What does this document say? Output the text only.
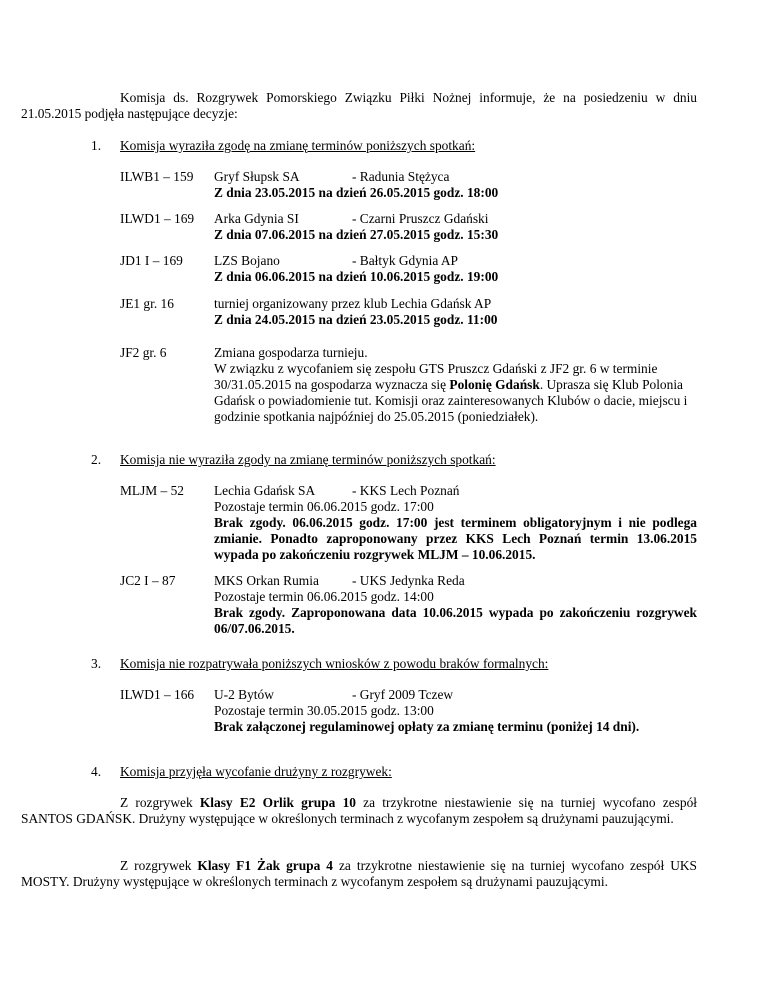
Komisja ds. Rozgrywek Pomorskiego Związku Piłki Nożnej informuje, że na posiedzeniu w dniu 21.05.2015 podjęła następujące decyzje:
1. Komisja wyraziła zgodę na zmianę terminów poniższych spotkań:
ILWB1 – 159 Gryf Słupsk SA	- Radunia Stężyca
Z dnia 23.05.2015 na dzień 26.05.2015 godz. 18:00
ILWD1 – 169 Arka Gdynia SI	- Czarni Pruszcz Gdański
Z dnia 07.06.2015 na dzień 27.05.2015 godz. 15:30
JD1 I – 169 LZS Bojano	- Bałtyk Gdynia AP
Z dnia 06.06.2015 na dzień 10.06.2015 godz. 19:00
JE1 gr. 16	turniej organizowany przez klub Lechia Gdańsk AP
Z dnia 24.05.2015 na dzień 23.05.2015 godz. 11:00
JF2 gr. 6	Zmiana gospodarza turnieju.
W związku z wycofaniem się zespołu GTS Pruszcz Gdański z JF2 gr. 6 w terminie 30/31.05.2015 na gospodarza wyznacza się Polonię Gdańsk. Uprasza się Klub Polonia Gdańsk o powiadomienie tut. Komisji oraz zainteresowanych Klubów o dacie, miejscu i godzinie spotkania najpóźniej do 25.05.2015 (poniedziałek).
2. Komisja nie wyraziła zgody na zmianę terminów poniższych spotkań:
MLJM – 52 Lechia Gdańsk SA	- KKS Lech Poznań
Pozostaje termin 06.06.2015 godz. 17:00
Brak zgody. 06.06.2015 godz. 17:00 jest terminem obligatoryjnym i nie podlega zmianie. Ponadto zaproponowany przez KKS Lech Poznań termin 13.06.2015 wypada po zakończeniu rozgrywek MLJM – 10.06.2015.
JC2 I – 87	MKS Orkan Rumia - UKS Jedynka Reda
Pozostaje termin 06.06.2015 godz. 14:00
Brak zgody. Zaproponowana data 10.06.2015 wypada po zakończeniu rozgrywek 06/07.06.2015.
3. Komisja nie rozpatrywała poniższych wniosków z powodu braków formalnych:
ILWD1 – 166 U-2 Bytów	- Gryf 2009 Tczew
Pozostaje termin 30.05.2015 godz. 13:00
Brak załączonej regulaminowej opłaty za zmianę terminu (poniżej 14 dni).
4. Komisja przyjęła wycofanie drużyny z rozgrywek:
Z rozgrywek Klasy E2 Orlik grupa 10 za trzykrotne niestawienie się na turniej wycofano zespół SANTOS GDAŃSK. Drużyny występujące w określonych terminach z wycofanym zespołem są drużynami pauzującymi.
Z rozgrywek Klasy F1 Żak grupa 4 za trzykrotne niestawienie się na turniej wycofano zespół UKS MOSTY. Drużyny występujące w określonych terminach z wycofanym zespołem są drużynami pauzującymi.
